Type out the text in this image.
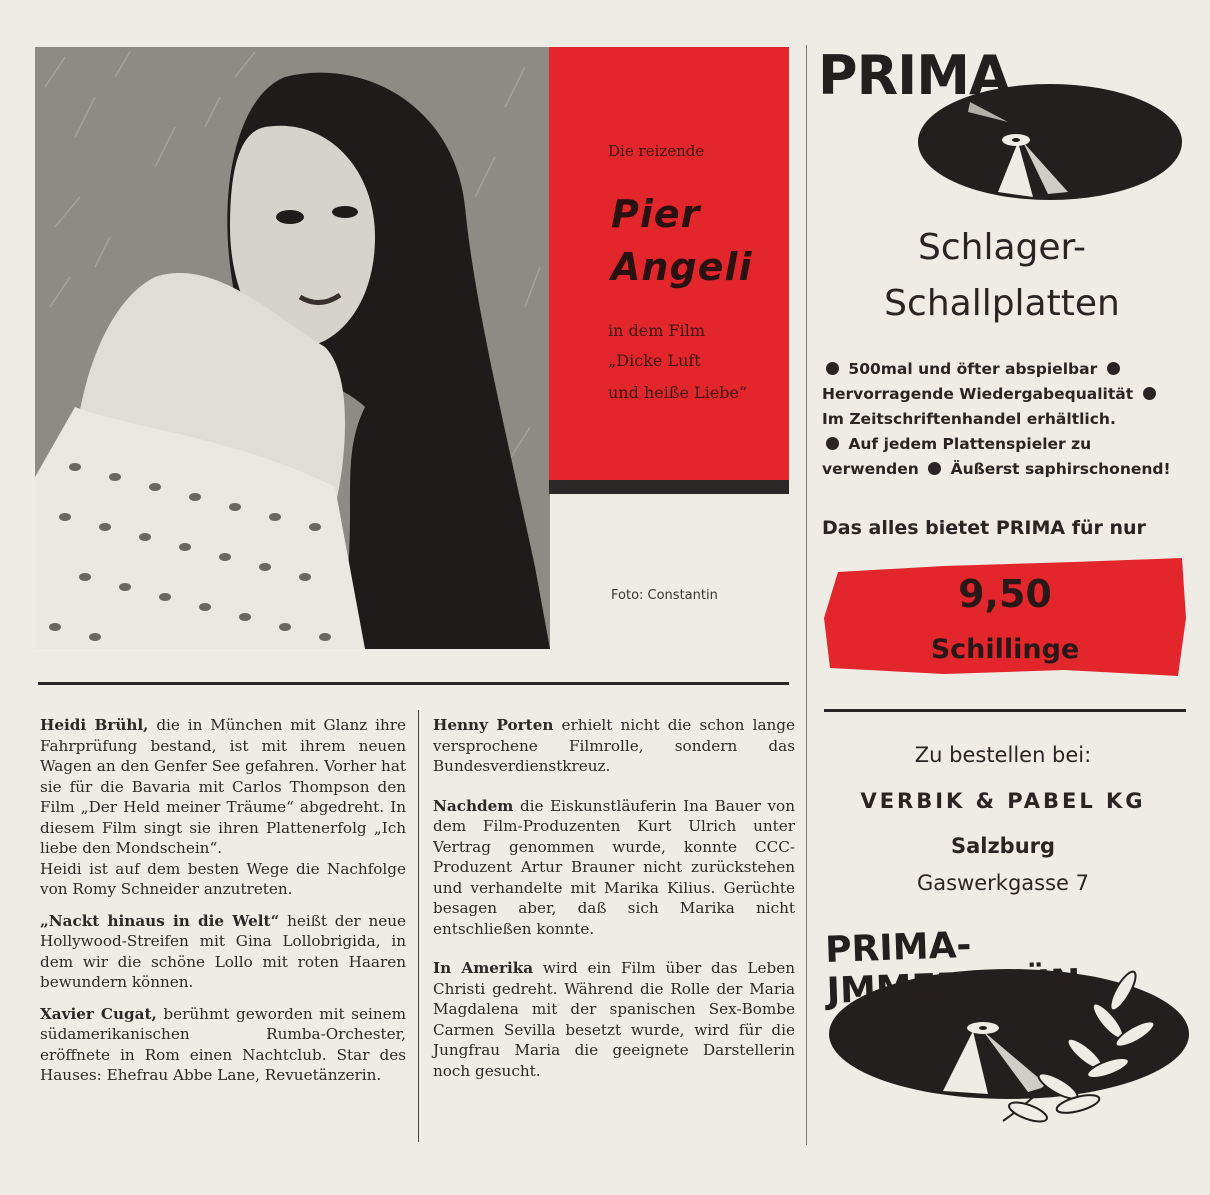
Die reizende
Pier
Angeli
in dem Film
„Dicke Luft
und heiße Liebe“
Foto: Constantin

Heidi Brühl, die in München mit Glanz ihre Fahrprüfung bestand, ist mit ihrem neuen Wagen an den Genfer See gefahren. Vorher hat sie für die Bavaria mit Carlos Thompson den Film „Der Held meiner Träume“ abgedreht. In diesem Film singt sie ihren Plattenerfolg „Ich liebe den Mondschein“.
Heidi ist auf dem besten Wege die Nachfolge von Romy Schneider anzutreten.

„Nackt hinaus in die Welt“ heißt der neue Hollywood-Streifen mit Gina Lollobrigida, in dem wir die schöne Lollo mit roten Haaren bewundern können.

Xavier Cugat, berühmt geworden mit seinem südamerikanischen Rumba-Orchester, eröffnete in Rom einen Nachtclub. Star des Hauses: Ehefrau Abbe Lane, Revuetänzerin.

Henny Porten erhielt nicht die schon lange versprochene Filmrolle, sondern das Bundesverdienstkreuz.

Nachdem die Eiskunstläuferin Ina Bauer von dem Film-Produzenten Kurt Ulrich unter Vertrag genommen wurde, konnte CCC-Produzent Artur Brauner nicht zurückstehen und verhandelte mit Marika Kilius. Gerüchte besagen aber, daß sich Marika nicht entschließen konnte.

In Amerika wird ein Film über das Leben Christi gedreht. Während die Rolle der Maria Magdalena mit der spanischen Sex-Bombe Carmen Sevilla besetzt wurde, wird für die Jungfrau Maria die geeignete Darstellerin noch gesucht.

PRIMA
Schlager-
Schallplatten
500mal und öfter abspielbar  Hervorragende Wiedergabequalität  Im Zeitschriftenhandel erhältlich.
Auf jedem Plattenspieler zu verwenden Äußerst saphirschonend!
Das alles bietet PRIMA für nur
9,50
Schillinge
Zu bestellen bei:
VERBIK & PABEL KG
Salzburg
Gaswerkgasse 7
PRIMA-JMMERGRÜN
